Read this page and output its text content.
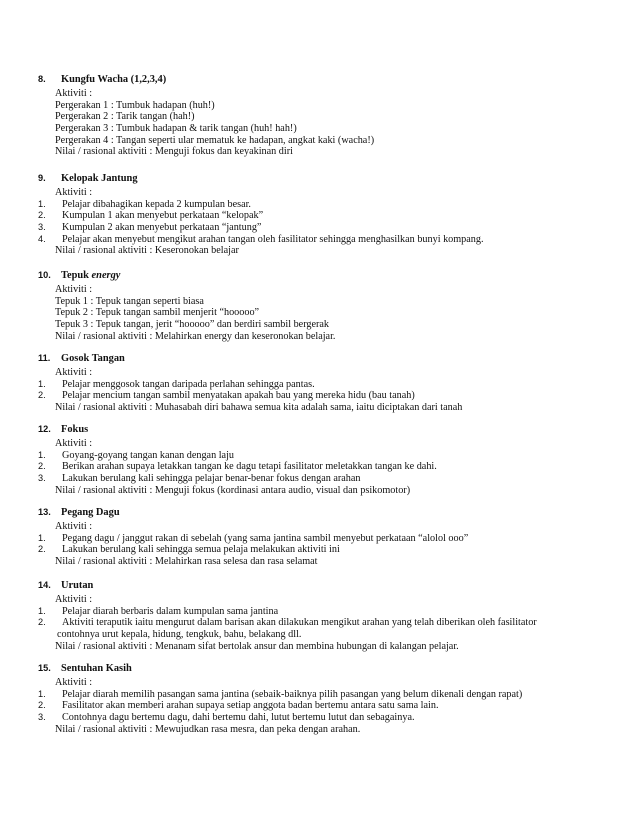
8. Kungfu Wacha (1,2,3,4)
Aktiviti :
Pergerakan 1 : Tumbuk hadapan (huh!)
Pergerakan 2 : Tarik tangan (hah!)
Pergerakan 3 : Tumbuk hadapan & tarik tangan (huh! hah!)
Pergerakan 4 : Tangan seperti ular mematuk ke hadapan, angkat kaki (wacha!)
Nilai / rasional aktiviti : Menguji fokus dan keyakinan diri
9. Kelopak Jantung
Aktiviti :
1. Pelajar dibahagikan kepada 2 kumpulan besar.
2. Kumpulan 1 akan menyebut perkataan “kelopak”
3. Kumpulan 2 akan menyebut perkataan “jantung”
4. Pelajar akan menyebut mengikut arahan tangan oleh fasilitator sehingga menghasilkan bunyi kompang.
Nilai / rasional aktiviti : Keseronokan belajar
10. Tepuk energy
Aktiviti :
Tepuk 1 : Tepuk tangan seperti biasa
Tepuk 2 : Tepuk tangan sambil menjerit “hooooo”
Tepuk 3 : Tepuk tangan, jerit “hooooo” dan berdiri sambil bergerak
Nilai / rasional aktiviti : Melahirkan energy dan keseronokan belajar.
11. Gosok Tangan
Aktiviti :
1. Pelajar menggosok tangan daripada perlahan sehingga pantas.
2. Pelajar mencium tangan sambil menyatakan apakah bau yang mereka hidu (bau tanah)
Nilai / rasional aktiviti : Muhasabah diri bahawa semua kita adalah sama, iaitu diciptakan dari tanah
12. Fokus
Aktiviti :
1. Goyang-goyang tangan kanan dengan laju
2. Berikan arahan supaya letakkan tangan ke dagu tetapi fasilitator meletakkan tangan ke dahi.
3. Lakukan berulang kali sehingga pelajar benar-benar fokus dengan arahan
Nilai / rasional aktiviti : Menguji fokus (kordinasi antara audio, visual dan psikomotor)
13. Pegang Dagu
Aktiviti :
1. Pegang dagu / janggut rakan di sebelah (yang sama jantina sambil menyebut perkataan “alolol ooo”
2. Lakukan berulang kali sehingga semua pelaja melakukan aktiviti ini
Nilai / rasional aktiviti : Melahirkan rasa selesa dan rasa selamat
14. Urutan
Aktiviti :
1. Pelajar diarah berbaris dalam kumpulan sama jantina
2. Aktiviti teraputik iaitu mengurut dalam barisan akan dilakukan mengikut arahan yang telah diberikan oleh fasilitator
contohnya urut kepala, hidung, tengkuk, bahu, belakang dll.
Nilai / rasional aktiviti : Menanam sifat bertolak ansur dan membina hubungan di kalangan pelajar.
15. Sentuhan Kasih
Aktiviti :
1. Pelajar diarah memilih pasangan sama jantina (sebaik-baiknya pilih pasangan yang belum dikenali dengan rapat)
2. Fasilitator akan memberi arahan supaya setiap anggota badan bertemu antara satu sama lain.
3. Contohnya dagu bertemu dagu, dahi bertemu dahi, lutut bertemu lutut dan sebagainya.
Nilai / rasional aktiviti : Mewujudkan rasa mesra, dan peka dengan arahan.
